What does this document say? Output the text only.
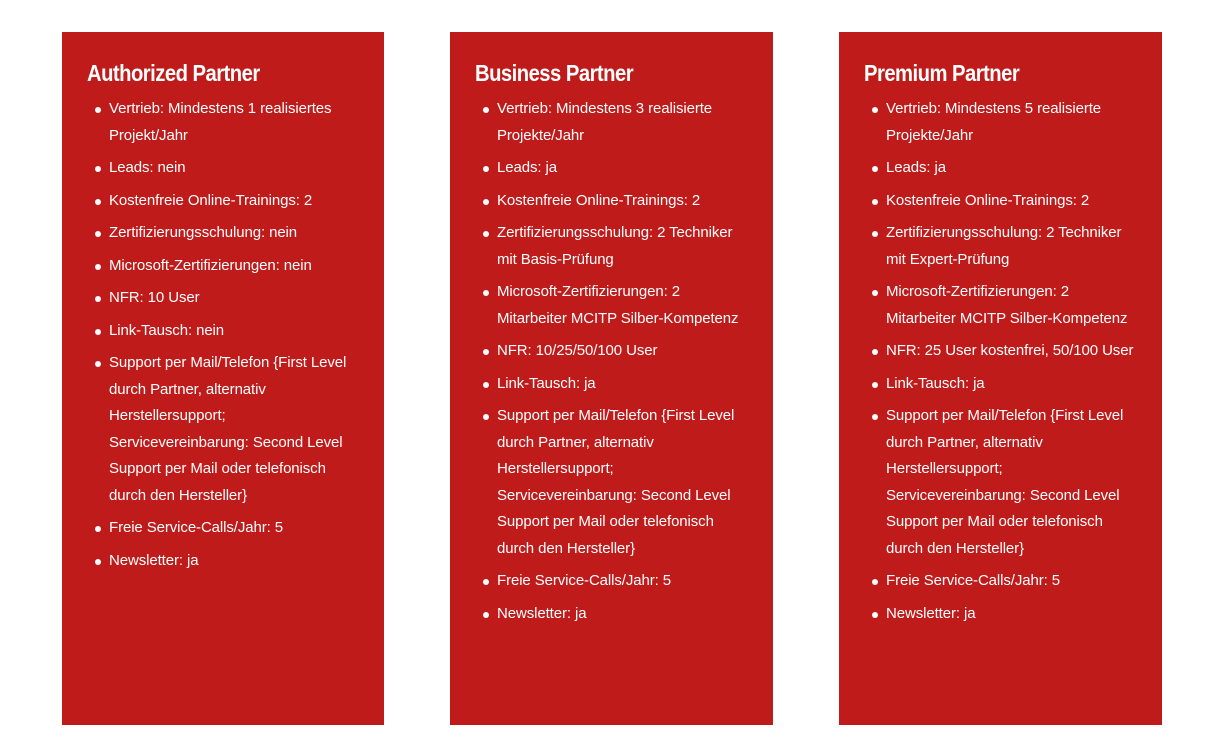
Authorized Partner
Vertrieb: Mindestens 1 realisiertes Projekt/Jahr
Leads: nein
Kostenfreie Online-Trainings: 2
Zertifizierungsschulung: nein
Microsoft-Zertifizierungen: nein
NFR: 10 User
Link-Tausch: nein
Support per Mail/Telefon {First Level durch Partner, alternativ Herstellersupport; Servicevereinbarung: Second Level Support per Mail oder telefonisch durch den Hersteller}
Freie Service-Calls/Jahr: 5
Newsletter: ja
Business Partner
Vertrieb: Mindestens 3 realisierte Projekte/Jahr
Leads: ja
Kostenfreie Online-Trainings: 2
Zertifizierungsschulung: 2 Techniker mit Basis-Prüfung
Microsoft-Zertifizierungen: 2 Mitarbeiter MCITP Silber-Kompetenz
NFR: 10/25/50/100 User
Link-Tausch: ja
Support per Mail/Telefon {First Level durch Partner, alternativ Herstellersupport; Servicevereinbarung: Second Level Support per Mail oder telefonisch durch den Hersteller}
Freie Service-Calls/Jahr: 5
Newsletter: ja
Premium Partner
Vertrieb: Mindestens 5 realisierte Projekte/Jahr
Leads: ja
Kostenfreie Online-Trainings: 2
Zertifizierungsschulung: 2 Techniker mit Expert-Prüfung
Microsoft-Zertifizierungen: 2 Mitarbeiter MCITP Silber-Kompetenz
NFR: 25 User kostenfrei, 50/100 User
Link-Tausch: ja
Support per Mail/Telefon {First Level durch Partner, alternativ Herstellersupport; Servicevereinbarung: Second Level Support per Mail oder telefonisch durch den Hersteller}
Freie Service-Calls/Jahr: 5
Newsletter: ja
